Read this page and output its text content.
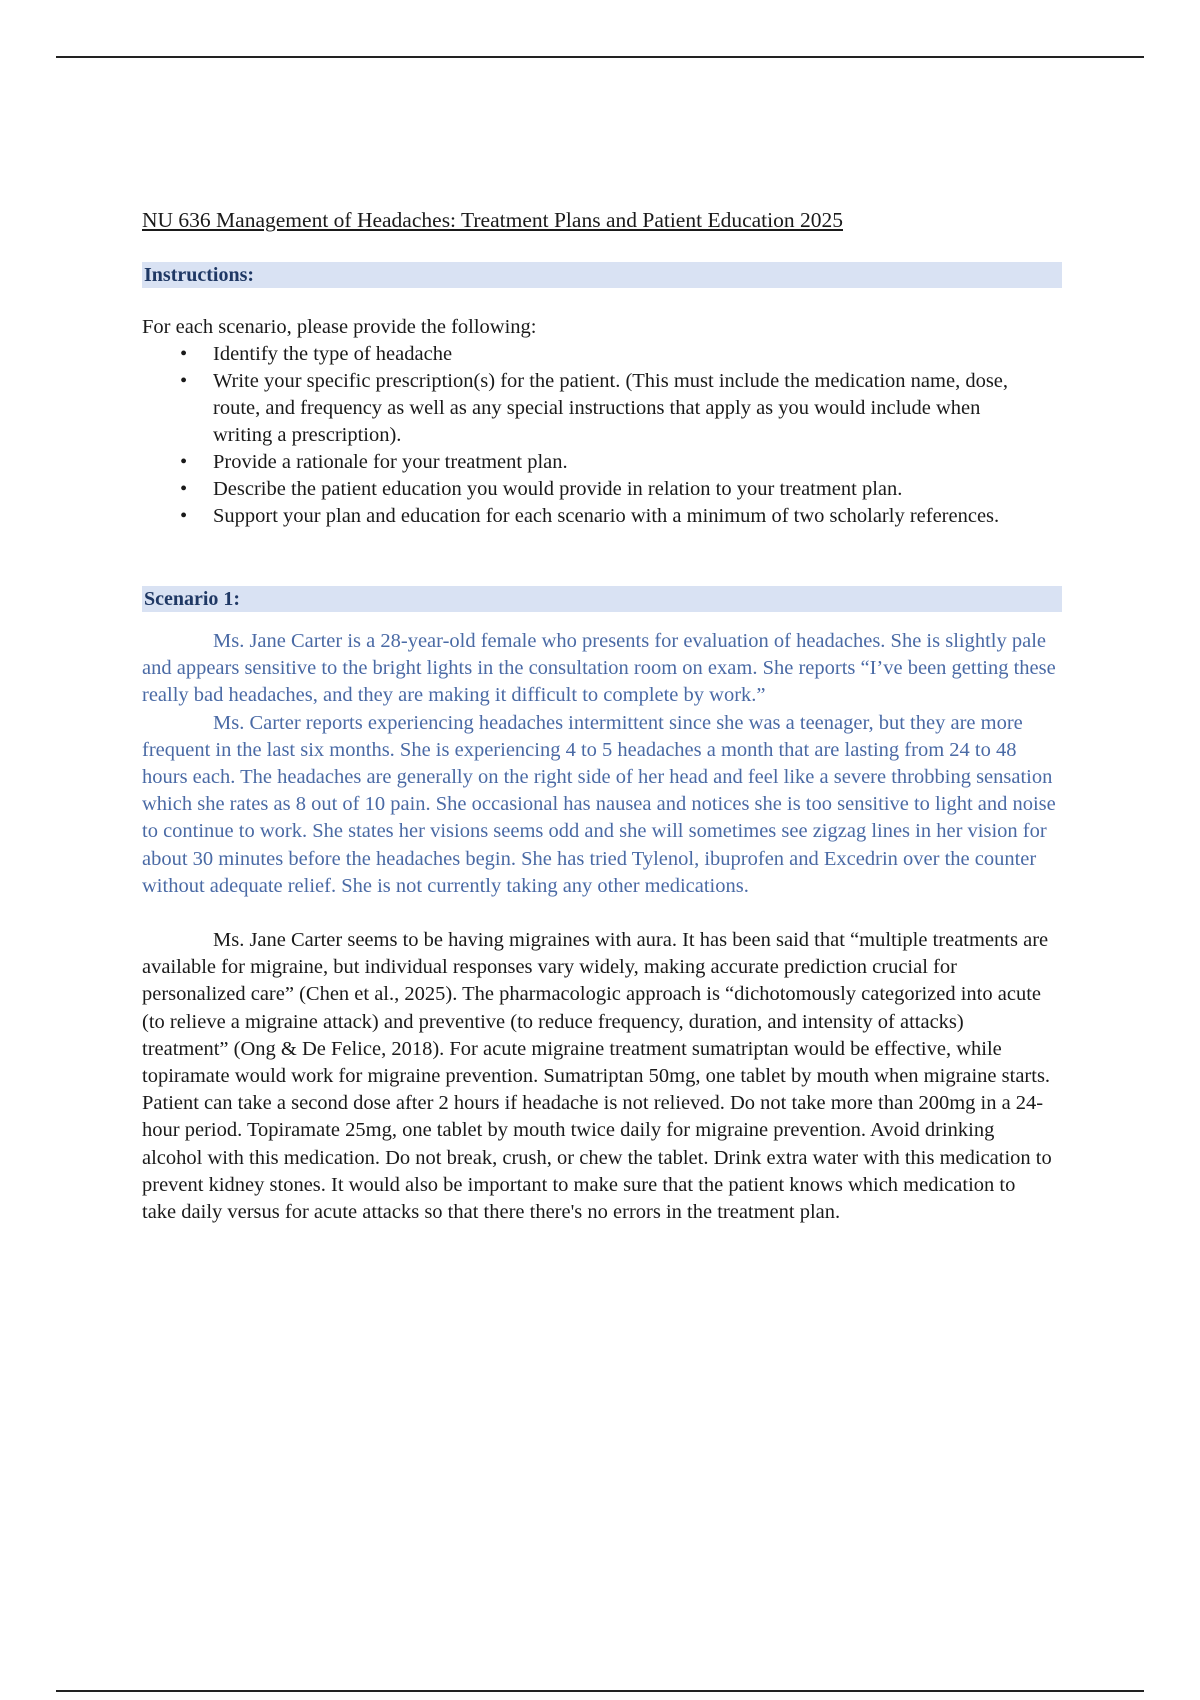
NU 636 Management of Headaches: Treatment Plans and Patient Education 2025
Instructions:
For each scenario, please provide the following:
• Identify the type of headache
• Write your specific prescription(s) for the patient. (This must include the medication name, dose, route, and frequency as well as any special instructions that apply as you would include when writing a prescription).
• Provide a rationale for your treatment plan.
• Describe the patient education you would provide in relation to your treatment plan.
• Support your plan and education for each scenario with a minimum of two scholarly references.
Scenario 1:

Ms. Jane Carter is a 28-year-old female who presents for evaluation of headaches. She is slightly pale and appears sensitive to the bright lights in the consultation room on exam. She reports “I’ve been getting these really bad headaches, and they are making it difficult to complete by work.”

Ms. Carter reports experiencing headaches intermittent since she was a teenager, but they are more frequent in the last six months. She is experiencing 4 to 5 headaches a month that are lasting from 24 to 48 hours each. The headaches are generally on the right side of her head and feel like a severe throbbing sensation which she rates as 8 out of 10 pain. She occasional has nausea and notices she is too sensitive to light and noise to continue to work. She states her visions seems odd and she will sometimes see zigzag lines in her vision for about 30 minutes before the headaches begin. She has tried Tylenol, ibuprofen and Excedrin over the counter without adequate relief. She is not currently taking any other medications.

Ms. Jane Carter seems to be having migraines with aura. It has been said that “multiple treatments are available for migraine, but individual responses vary widely, making accurate prediction crucial for personalized care” (Chen et al., 2025). The pharmacologic approach is “dichotomously categorized into acute (to relieve a migraine attack) and preventive (to reduce frequency, duration, and intensity of attacks) treatment” (Ong & De Felice, 2018). For acute migraine treatment sumatriptan would be effective, while topiramate would work for migraine prevention. Sumatriptan 50mg, one tablet by mouth when migraine starts. Patient can take a second dose after 2 hours if headache is not relieved. Do not take more than 200mg in a 24-hour period. Topiramate 25mg, one tablet by mouth twice daily for migraine prevention. Avoid drinking alcohol with this medication. Do not break, crush, or chew the tablet. Drink extra water with this medication to prevent kidney stones. It would also be important to make sure that the patient knows which medication to take daily versus for acute attacks so that there there's no errors in the treatment plan.
